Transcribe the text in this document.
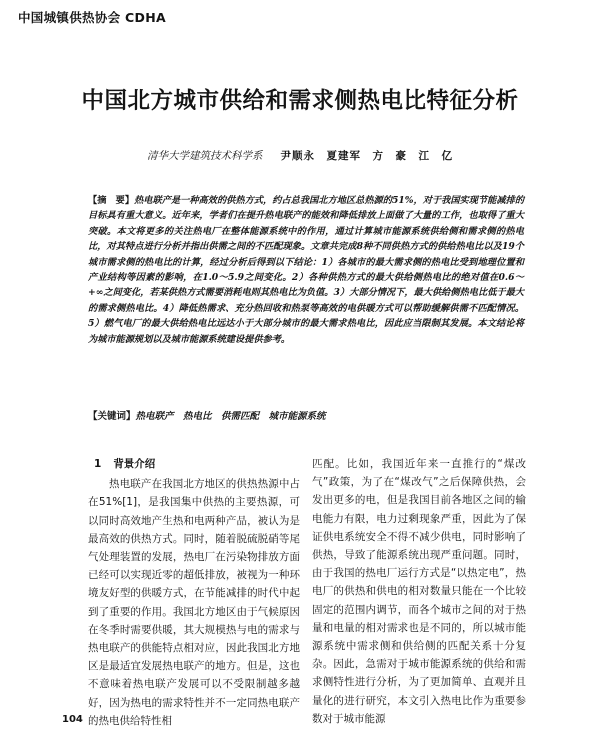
中国城镇供热协会 CDHA
中国北方城市供给和需求侧热电比特征分析
清华大学建筑技术科学系 尹顺永　夏建军　方　豪　江　亿
【摘　要】热电联产是一种高效的供热方式，约占总我国北方地区总热源的51%，对于我国实现节能减排的目标具有重大意义。近年来，学者们在提升热电联产的能效和降低排放上面做了大量的工作，也取得了重大突破。本文将更多的关注热电厂在整体能源系统中的作用，通过计算城市能源系统供给侧和需求侧的热电比，对其特点进行分析并指出供需之间的不匹配现象。文章共完成8种不同供热方式的供给热电比以及19个城市需求侧的热电比的计算，经过分析后得到以下结论：1）各城市的最大需求侧的热电比受到地理位置和产业结构等因素的影响，在1.0～5.9之间变化。2）各种供热方式的最大供给侧热电比的绝对值在0.6～+∞之间变化，若某供热方式需要消耗电则其热电比为负值。3）大部分情况下，最大供给侧热电比低于最大的需求侧热电比。4）降低热需求、充分热回收和热泵等高效的电供暖方式可以帮助缓解供需不匹配情况。5）燃气电厂的最大供给热电比远达小于大部分城市的最大需求热电比，因此应当限制其发展。本文结论将为城市能源规划以及城市能源系统建设提供参考。
【关键词】热电联产　热电比　供需匹配　城市能源系统
1 背景介绍
热电联产在我国北方地区的供热热源中占在51%[1]，是我国集中供热的主要热源，可以同时高效地产生热和电两种产品，被认为是最高效的供热方式。同时，随着脱硫脱硝等尾气处理装置的发展，热电厂在污染物排放方面已经可以实现近零的超低排放，被视为一种环境友好型的供暖方式，在节能减排的时代中起到了重要的作用。我国北方地区由于气候原因在冬季时需要供暖，其大规模热与电的需求与热电联产的供能特点相对应，因此我国北方地区是最适宜发展热电联产的地方。但是，这也不意味着热电联产发展可以不受限制越多越好，因为热电的需求特性并不一定同热电联产的热电供给特性相
匹配。比如，我国近年来一直推行的“煤改气”政策，为了在“煤改气”之后保障供热，会发出更多的电，但是我国目前各地区之间的输电能力有限，电力过剩现象严重，因此为了保证供电系统安全不得不减少供电，同时影响了供热，导致了能源系统出现严重问题。同时，由于我国的热电厂运行方式是“以热定电”，热电厂的供热和供电的相对数量只能在一个比较固定的范围内调节，而各个城市之间的对于热量和电量的相对需求也是不同的，所以城市能源系统中需求侧和供给侧的匹配关系十分复杂。因此，急需对于城市能源系统的供给和需求侧特性进行分析，为了更加简单、直观并且量化的进行研究，本文引入热电比作为重要参数对于城市能源
104
